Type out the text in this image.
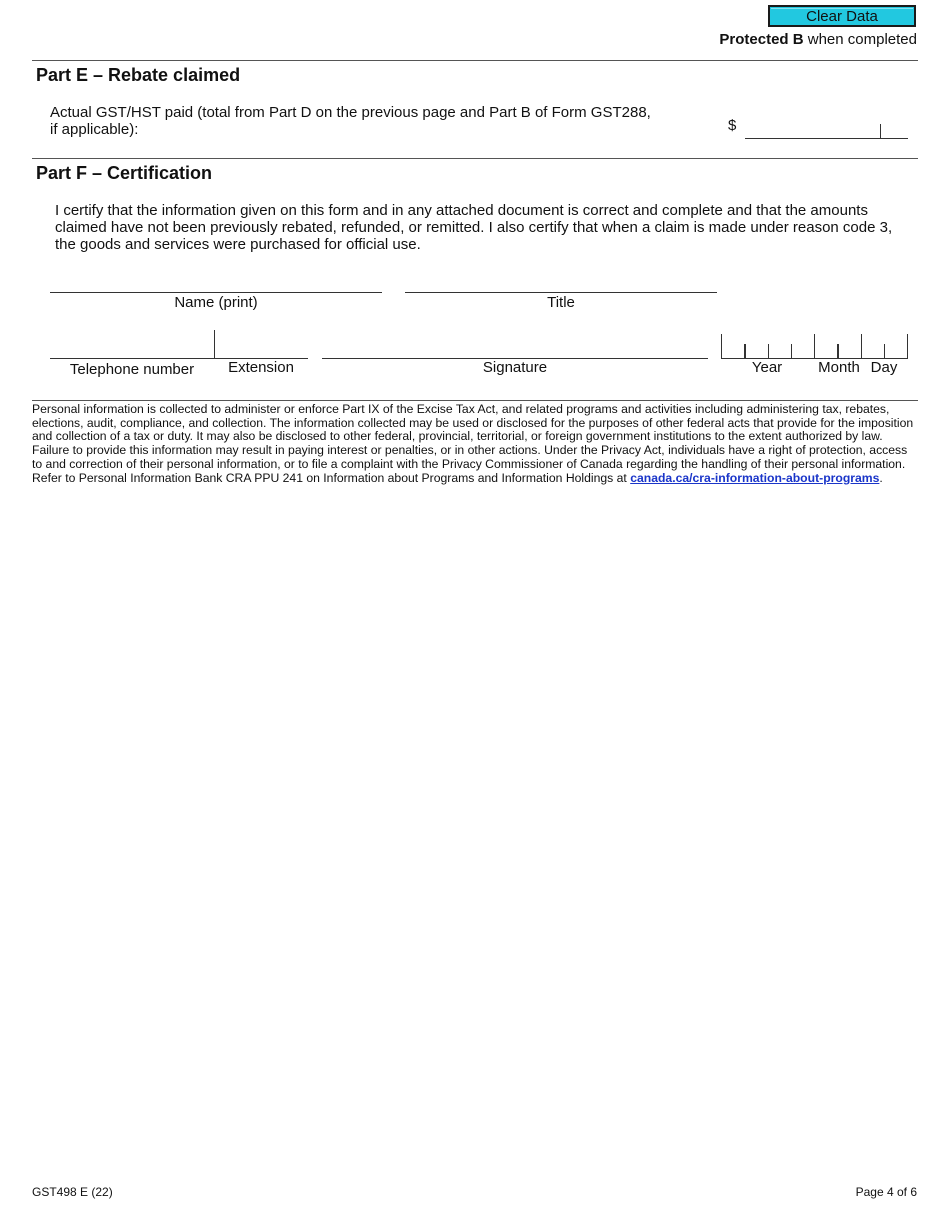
Clear Data
Protected B when completed
Part E – Rebate claimed
Actual GST/HST paid (total from Part D on the previous page and Part B of Form GST288,
if applicable):	$
Part F – Certification
I certify that the information given on this form and in any attached document is correct and complete and that the amounts claimed have not been previously rebated, refunded, or remitted. I also certify that when a claim is made under reason code 3, the goods and services were purchased for official use.
Name (print)	Title
Telephone number	Extension	Signature	Year	Month Day
Personal information is collected to administer or enforce Part IX of the Excise Tax Act, and related programs and activities including administering tax, rebates, elections, audit, compliance, and collection. The information collected may be used or disclosed for the purposes of other federal acts that provide for the imposition and collection of a tax or duty. It may also be disclosed to other federal, provincial, territorial, or foreign government institutions to the extent authorized by law. Failure to provide this information may result in paying interest or penalties, or in other actions. Under the Privacy Act, individuals have a right of protection, access to and correction of their personal information, or to file a complaint with the Privacy Commissioner of Canada regarding the handling of their personal information. Refer to Personal Information Bank CRA PPU 241 on Information about Programs and Information Holdings at canada.ca/cra-information-about-programs.
GST498 E (22)	Page 4 of 6
